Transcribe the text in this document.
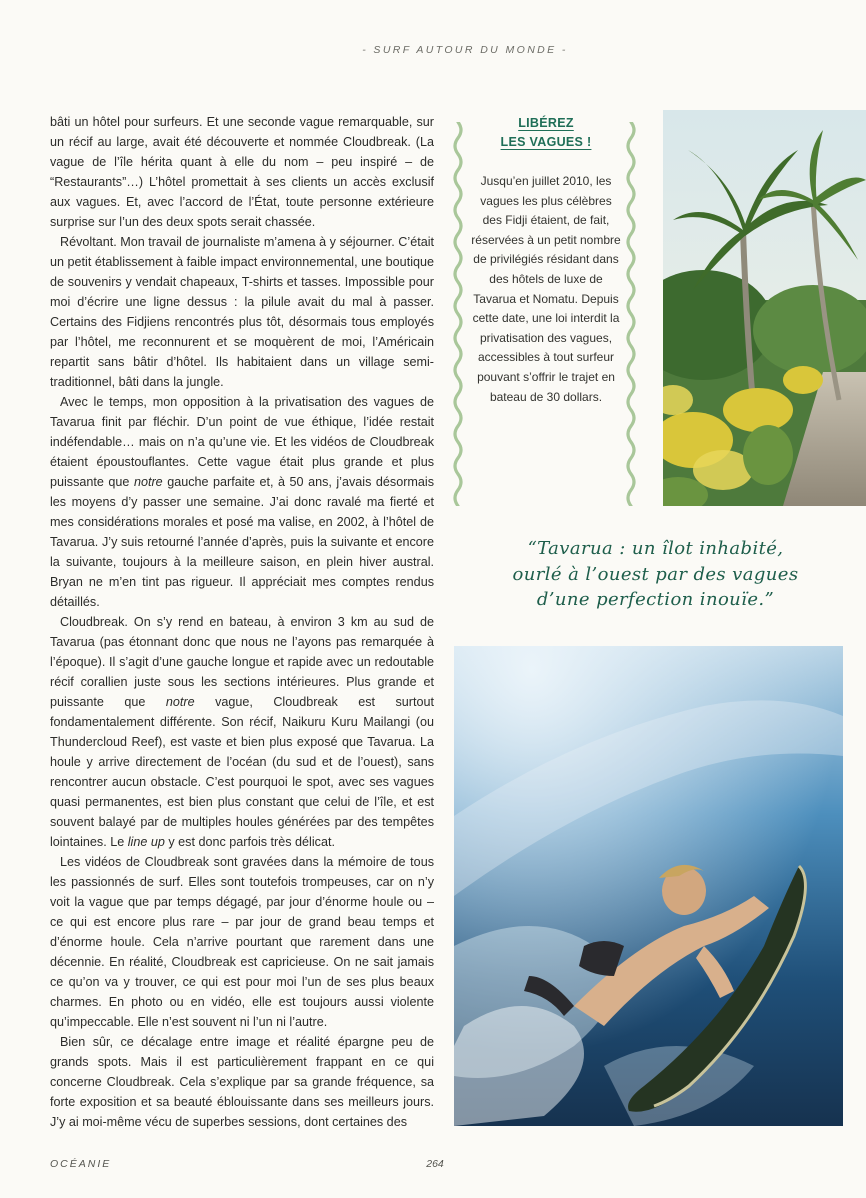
- SURF AUTOUR DU MONDE -

bâti un hôtel pour surfeurs. Et une seconde vague remarquable, sur un récif au large, avait été découverte et nommée Cloudbreak. (La vague de l’île hérita quant à elle du nom – peu inspiré – de “Restaurants”…) L’hôtel promettait à ses clients un accès exclusif aux vagues. Et, avec l’accord de l’État, toute personne extérieure surprise sur l’un des deux spots serait chassée.

Révoltant. Mon travail de journaliste m’amena à y séjourner. C’était un petit établissement à faible impact environnemental, une boutique de souvenirs y vendait chapeaux, T-shirts et tasses. Impossible pour moi d’écrire une ligne dessus : la pilule avait du mal à passer. Certains des Fidjiens rencontrés plus tôt, désormais tous employés par l’hôtel, me reconnurent et se moquèrent de moi, l’Américain repartit sans bâtir d’hôtel. Ils habitaient dans un village semi-traditionnel, bâti dans la jungle.

Avec le temps, mon opposition à la privatisation des vagues de Tavarua finit par fléchir. D’un point de vue éthique, l’idée restait indéfendable… mais on n’a qu’une vie. Et les vidéos de Cloudbreak étaient époustouflantes. Cette vague était plus grande et plus puissante que notre gauche parfaite et, à 50 ans, j’avais désormais les moyens d’y passer une semaine. J’ai donc ravalé ma fierté et mes considérations morales et posé ma valise, en 2002, à l’hôtel de Tavarua. J’y suis retourné l’année d’après, puis la suivante et encore la suivante, toujours à la meilleure saison, en plein hiver austral. Bryan ne m’en tint pas rigueur. Il appréciait mes comptes rendus détaillés.

Cloudbreak. On s’y rend en bateau, à environ 3 km au sud de Tavarua (pas étonnant donc que nous ne l’ayons pas remarquée à l’époque). Il s’agit d’une gauche longue et rapide avec un redoutable récif corallien juste sous les sections intérieures. Plus grande et puissante que notre vague, Cloudbreak est surtout fondamentalement différente. Son récif, Naikuru Kuru Mailangi (ou Thundercloud Reef), est vaste et bien plus exposé que Tavarua. La houle y arrive directement de l’océan (du sud et de l’ouest), sans rencontrer aucun obstacle. C’est pourquoi le spot, avec ses vagues quasi permanentes, est bien plus constant que celui de l’île, et est souvent balayé par de multiples houles générées par des tempêtes lointaines. Le line up y est donc parfois très délicat.

Les vidéos de Cloudbreak sont gravées dans la mémoire de tous les passionnés de surf. Elles sont toutefois trompeuses, car on n’y voit la vague que par temps dégagé, par jour d’énorme houle ou – ce qui est encore plus rare – par jour de grand beau temps et d’énorme houle. Cela n’arrive pourtant que rarement dans une décennie. En réalité, Cloudbreak est capricieuse. On ne sait jamais ce qu’on va y trouver, ce qui est pour moi l’un de ses plus beaux charmes. En photo ou en vidéo, elle est toujours aussi violente qu’impeccable. Elle n’est souvent ni l’un ni l’autre.

Bien sûr, ce décalage entre image et réalité épargne peu de grands spots. Mais il est particulièrement frappant en ce qui concerne Cloudbreak. Cela s’explique par sa grande fréquence, sa forte exposition et sa beauté éblouissante dans ses meilleurs jours. J’y ai moi-même vécu de superbes sessions, dont certaines des

LIBÉREZ
LES VAGUES !
Jusqu’en juillet 2010, les vagues les plus célèbres des Fidji étaient, de fait, réservées à un petit nombre de privilégiés résidant dans des hôtels de luxe de Tavarua et Nomatu. Depuis cette date, une loi interdit la privatisation des vagues, accessibles à tout surfeur pouvant s’offrir le trajet en bateau de 30 dollars.
“Tavarua : un îlot inhabité,
ourlé à l’ouest par des vagues
d’une perfection inouïe.”
OCÉANIE	264
